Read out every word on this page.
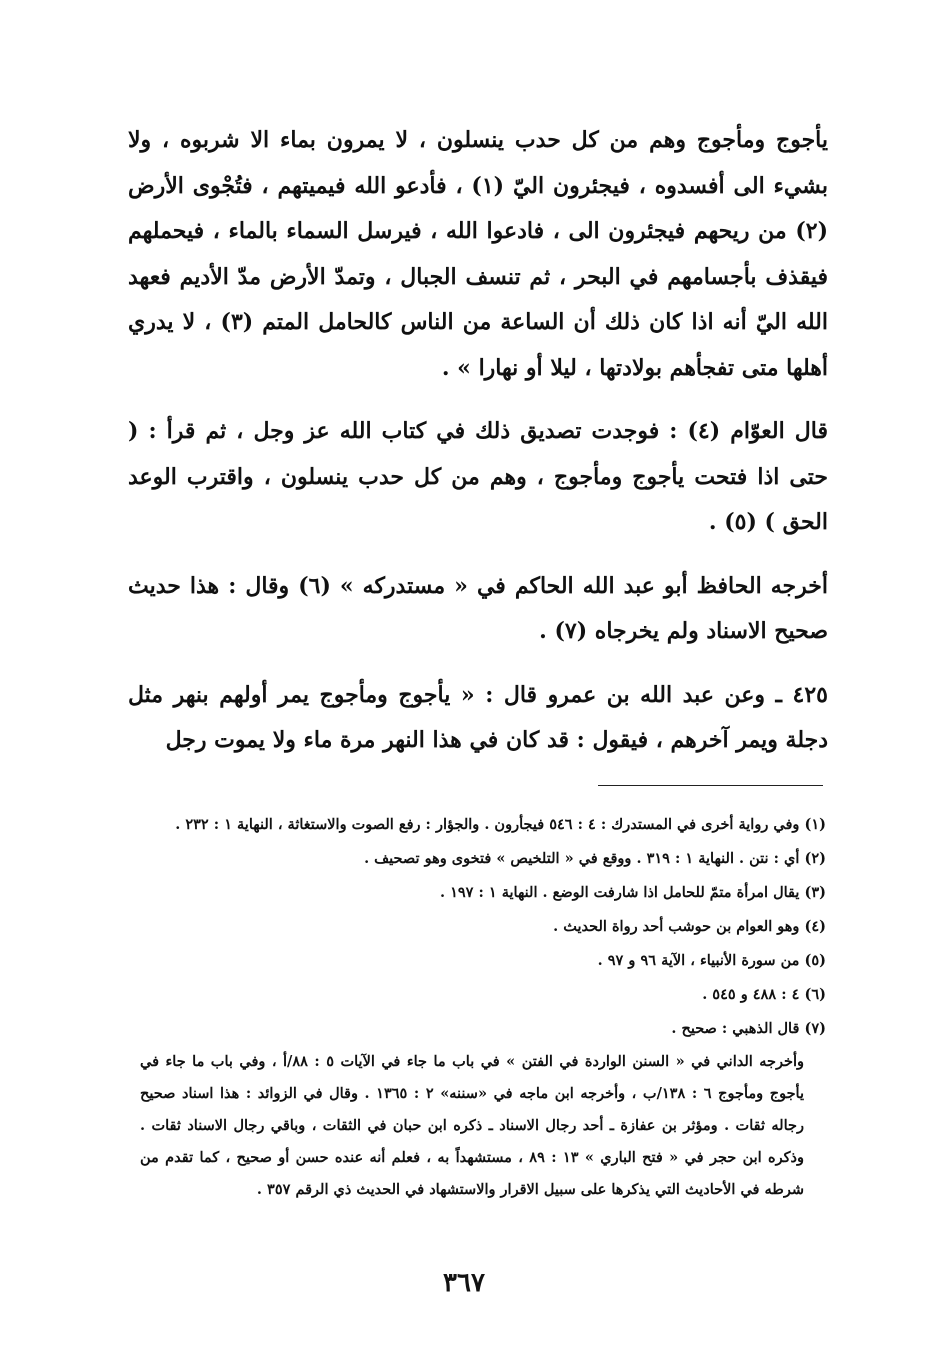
يأجوج ومأجوج وهم من كل حدب ينسلون ، لا يمرون بماء الا شربوه ، ولا بشيء الى أفسدوه ، فيجئرون اليّ (١) ، فأدعو الله فيميتهم ، فتُجْوى الأرض (٢) من ريحهم فيجئرون الى ، فادعوا الله ، فيرسل السماء بالماء ، فيحملهم فيقذف بأجسامهم في البحر ، ثم تنسف الجبال ، وتمدّ الأرض مدّ الأديم فعهد الله اليّ أنه اذا كان ذلك أن الساعة من الناس كالحامل المتم (٣) ، لا يدري أهلها متى تفجأهم بولادتها ، ليلا أو نهارا » .

قال العوّام (٤) : فوجدت تصديق ذلك في كتاب الله عز وجل ، ثم قرأ : ( حتى اذا فتحت يأجوج ومأجوج ، وهم من كل حدب ينسلون ، واقترب الوعد الحق ) (٥) .

أخرجه الحافظ أبو عبد الله الحاكم في « مستدركه » (٦) وقال : هذا حديث صحيح الاسناد ولم يخرجاه (٧) .

٤٢٥ ـ وعن عبد الله بن عمرو قال : « يأجوج ومأجوج يمر أولهم بنهر مثل دجلة ويمر آخرهم ، فيقول : قد كان في هذا النهر مرة ماء ولا يموت رجل

(١) وفي رواية أخرى في المستدرك : ٤ : ٥٤٦ فيجأرون . والجؤار : رفع الصوت والاستغاثة ، النهاية ١ : ٢٣٢ .

(٢) أي : نتن . النهاية ١ : ٣١٩ . ووقع في « التلخيص » فتخوى وهو تصحيف .

(٣) يقال امرأة متمّ للحامل اذا شارفت الوضع . النهاية ١ : ١٩٧ .

(٤) وهو العوام بن حوشب أحد رواة الحديث .

(٥) من سورة الأنبياء ، الآية ٩٦ و ٩٧ .

(٦) ٤ : ٤٨٨ و ٥٤٥ .

(٧) قال الذهبي : صحيح .

وأخرجه الداني في « السنن الواردة في الفتن » في باب ما جاء في الآيات ٥ : ٨٨/أ ، وفي باب ما جاء في يأجوج ومأجوج ٦ : ١٣٨/ب ، وأخرجه ابن ماجه في «سننه» ٢ : ١٣٦٥ . وقال في الزوائد : هذا اسناد صحيح رجاله ثقات . ومؤثر بن عفازة ـ أحد رجال الاسناد ـ ذكره ابن حبان في الثقات ، وباقي رجال الاسناد ثقات . وذكره ابن حجر في « فتح الباري » ١٣ : ٨٩ ، مستشهداً به ، فعلم أنه عنده حسن أو صحيح ، كما تقدم من شرطه في الأحاديث التي يذكرها على سبيل الاقرار والاستشهاد في الحديث ذي الرقم ٣٥٧ .

٣٦٧
